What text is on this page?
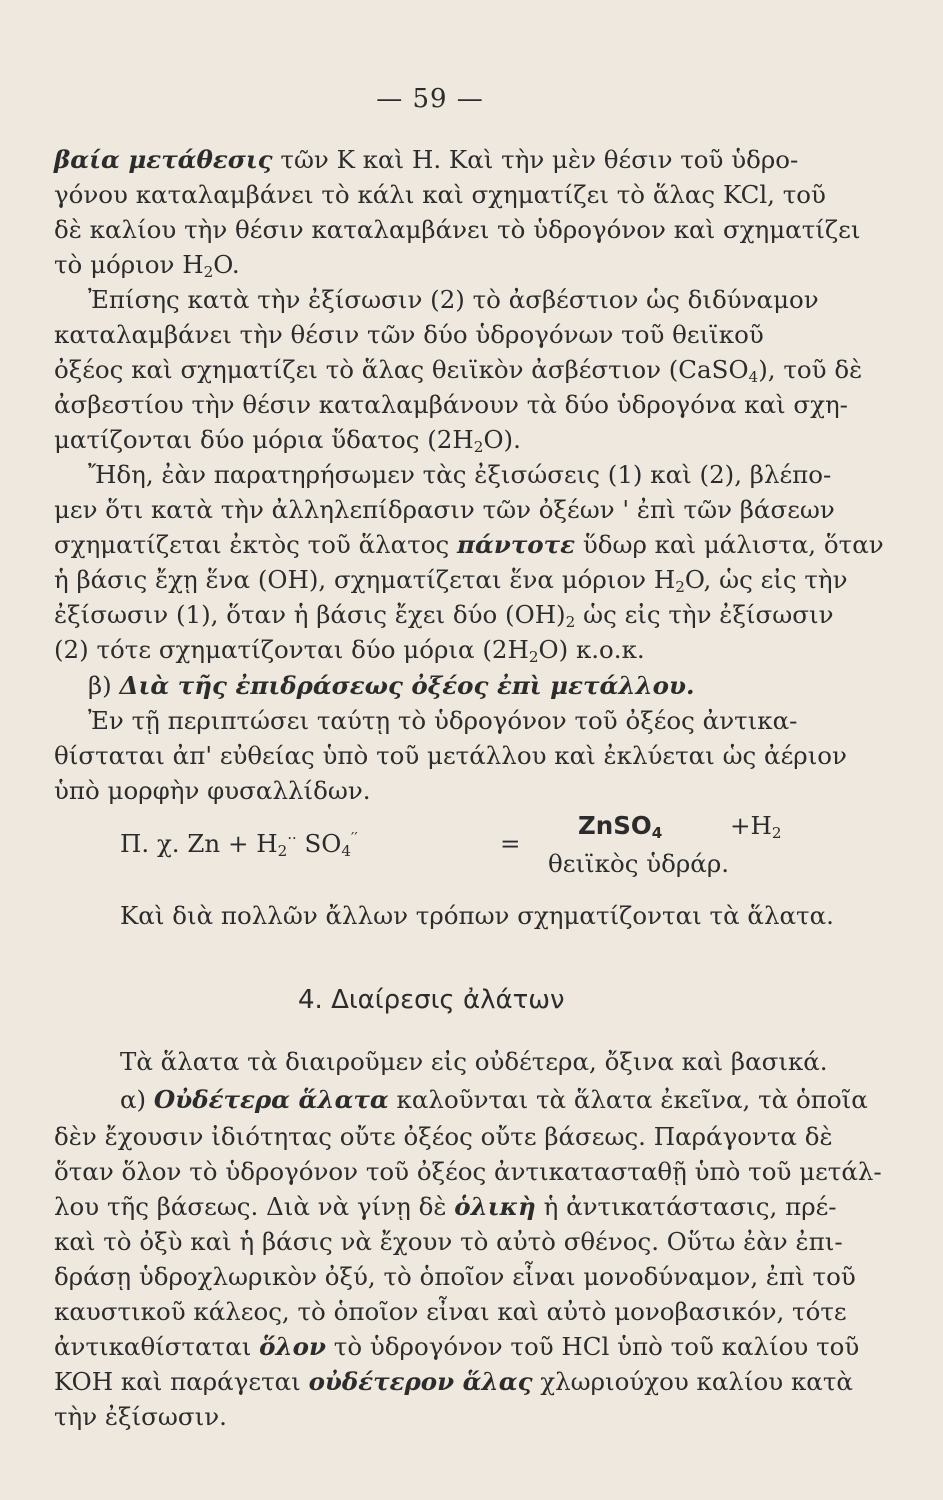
— 59 —
βαία μετάθεσις τῶν Κ καὶ Η. Καὶ τὴν μὲν θέσιν τοῦ ὑδρο-
γόνου καταλαμβάνει τὸ κάλι καὶ σχηματίζει τὸ ἅλας KCl, τοῦ
δὲ καλίου τὴν θέσιν καταλαμβάνει τὸ ὑδρογόνον καὶ σχηματίζει
τὸ μόριον $H_2O$.
Ἐπίσης κατὰ τὴν ἐξίσωσιν (2) τὸ ἀσβέστιον ὡς διδύναμον
καταλαμβάνει τὴν θέσιν τῶν δύο ὑδρογόνων τοῦ θειϊκοῦ
ὀξέος καὶ σχηματίζει τὸ ἅλας θειϊκὸν ἀσβέστιον (CaSO$_4$), τοῦ δὲ
ἀσβεστίου τὴν θέσιν καταλαμβάνουν τὰ δύο ὑδρογόνα καὶ σχη-
ματίζονται δύο μόρια ὕδατος $(2H_2O)$.
Ἤδη, ἐὰν παρατηρήσωμεν τὰς ἐξισώσεις (1) καὶ (2), βλέπο-
μεν ὅτι κατὰ τὴν ἀλληλεπίδρασιν τῶν ὀξέων ' ἐπὶ τῶν βάσεων
σχηματίζεται ἐκτὸς τοῦ ἅλατος πάντοτε ὕδωρ καὶ μάλιστα, ὅταν
ἡ βάσις ἔχῃ ἕνα (OH), σχηματίζεται ἕνα μόριον $H_2O$, ὡς εἰς τὴν
ἐξίσωσιν (1), ὅταν ἡ βάσις ἔχει δύο $(OH)_2$ ὡς εἰς τὴν ἐξίσωσιν
(2) τότε σχηματίζονται δύο μόρια $(2H_2O)$ κ.ο.κ.
β) Διὰ τῆς ἐπιδράσεως ὀξέος ἐπὶ μετάλλου.
Ἐν τῇ περιπτώσει ταύτῃ τὸ ὑδρογόνον τοῦ ὀξέος ἀντικα-
θίσταται ἀπ' εὐθείας ὑπὸ τοῦ μετάλλου καὶ ἐκλύεται ὡς ἀέριον
ὑπὸ μορφὴν φυσαλλίδων.
Π. χ. $Zn + H_2^{\cdot\cdot}$ $SO_4''$	=
ZnSO$_4$	$+H_2$
θειϊκὸς ὑδράρ.
Καὶ διὰ πολλῶν ἄλλων τρόπων σχηματίζονται τὰ ἅλατα.
4. Διαίρεσις ἀλάτων
Τὰ ἅλατα τὰ διαιροῦμεν εἰς οὐδέτερα, ὄξινα καὶ βασικά.
α) Οὐδέτερα ἅλατα καλοῦνται τὰ ἅλατα ἐκεῖνα, τὰ ὁποῖα
δὲν ἔχουσιν ἰδιότητας οὔτε ὀξέος οὔτε βάσεως. Παράγοντα δὲ
ὅταν ὅλον τὸ ὑδρογόνον τοῦ ὀξέος ἀντικατασταθῇ ὑπὸ τοῦ μετάλ-
λου τῆς βάσεως. Διὰ νὰ γίνῃ δὲ ὁλικὴ ἡ ἀντικατάστασις, πρέ-
καὶ τὸ ὀξὺ καὶ ἡ βάσις νὰ ἔχουν τὸ αὐτὸ σθένος. Οὕτω ἐὰν ἐπι-
δράσῃ ὑδροχλωρικὸν ὀξύ, τὸ ὁποῖον εἶναι μονοδύναμον, ἐπὶ τοῦ
καυστικοῦ κάλεος, τὸ ὁποῖον εἶναι καὶ αὐτὸ μονοβασικόν, τότε
ἀντικαθίσταται ὅλον τὸ ὑδρογόνον τοῦ HCl ὑπὸ τοῦ καλίου τοῦ
KOH καὶ παράγεται οὐδέτερον ἅλας χλωριούχου καλίου κατὰ
τὴν ἐξίσωσιν.
